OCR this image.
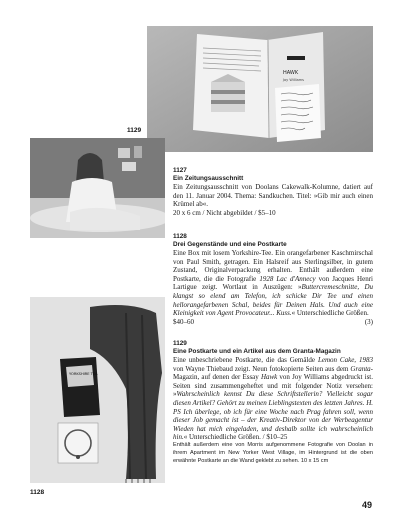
HAWK
Joy Williams
1129
YORKSHIRE TEA
1128

1127

Ein Zeitungsausschnitt

Ein Zeitungsausschnitt von Doolans Cakewalk-Kolumne, datiert auf den 11. Januar 2004. Thema: Sandkuchen. Titel: »Gib mir auch einen Krümel ab«.

20 x 6 cm / Nicht abgebildet / $5–10

1128

Drei Gegenstände und eine Postkarte

Eine Box mit losem Yorkshire-Tee. Ein orangefarbener Kaschmirschal von Paul Smith, getragen. Ein Halsreif aus Sterlingsilber, in gutem Zustand, Originalverpackung erhalten. Enthält außerdem eine Postkarte, die die Fotografie 1928 Lac d'Annecy von Jacques Henri Lartigue zeigt. Wortlaut in Auszügen: »Buttercremeschnitte, Du klangst so elend am Telefon, ich schicke Dir Tee und einen hellorangefarbenen Schal, beides für Deinen Hals. Und auch eine Kleinigkeit von Agent Provocateur... Kuss.« Unterschiedliche Größen.

$40–60	(3)

1129

Eine Postkarte und ein Artikel aus dem Granta-Magazin

Eine unbeschriebene Postkarte, die das Gemälde Lemon Cake, 1983 von Wayne Thiebaud zeigt. Neun fotokopierte Seiten aus dem Granta-Magazin, auf denen der Essay Hawk von Joy Williams abgedruckt ist. Seiten sind zusammengeheftet und mit folgender Notiz versehen: »Wahrscheinlich kennst Du diese Schriftstellerin? Vielleicht sogar diesen Artikel? Gehört zu meinen Lieblingstexten des letzten Jahres. H. PS Ich überlege, ob ich für eine Woche nach Prag fahren soll, wenn dieser Job gemacht ist – der Kreativ-Direktor von der Werbeagentur Wieden hat mich eingeladen, und deshalb sollte ich wahrscheinlich hin.« Unterschiedliche Größen. / $10–25

Enthält außerdem eine von Morris aufgenommene Fotografie von Doolan in ihrem Apartment im New Yorker West Village, im Hintergrund ist die oben erwähnte Postkarte an die Wand geklebt zu sehen. 10 x 15 cm

49
